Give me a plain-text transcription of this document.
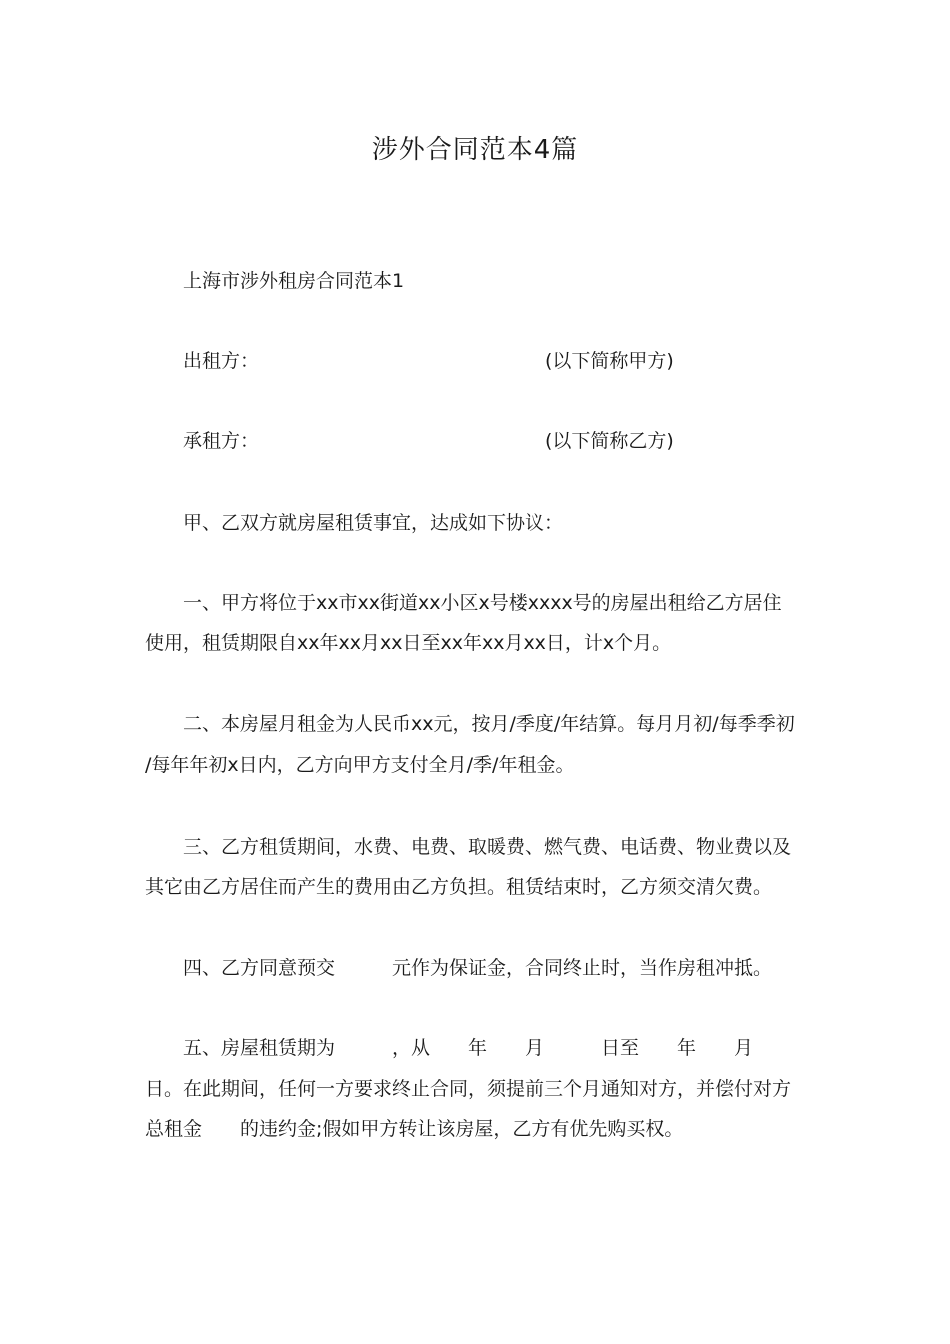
涉外合同范本4篇
上海市涉外租房合同范本1
出租方：	(以下简称甲方)
承租方：	(以下简称乙方)
甲、乙双方就房屋租赁事宜，达成如下协议：
一、甲方将位于xx市xx街道xx小区x号楼xxxx号的房屋出租给乙方居住
使用，租赁期限自xx年xx月xx日至xx年xx月xx日，计x个月。
二、本房屋月租金为人民币xx元，按月/季度/年结算。每月月初/每季季初
/每年年初x日内，乙方向甲方支付全月/季/年租金。
三、乙方租赁期间，水费、电费、取暖费、燃气费、电话费、物业费以及
其它由乙方居住而产生的费用由乙方负担。租赁结束时，乙方须交清欠费。
四、乙方同意预交　　　元作为保证金，合同终止时，当作房租冲抵。
五、房屋租赁期为　　　，从　　年　　月　　　日至　　年　　月
日。在此期间，任何一方要求终止合同，须提前三个月通知对方，并偿付对方
总租金　　的违约金;假如甲方转让该房屋，乙方有优先购买权。
